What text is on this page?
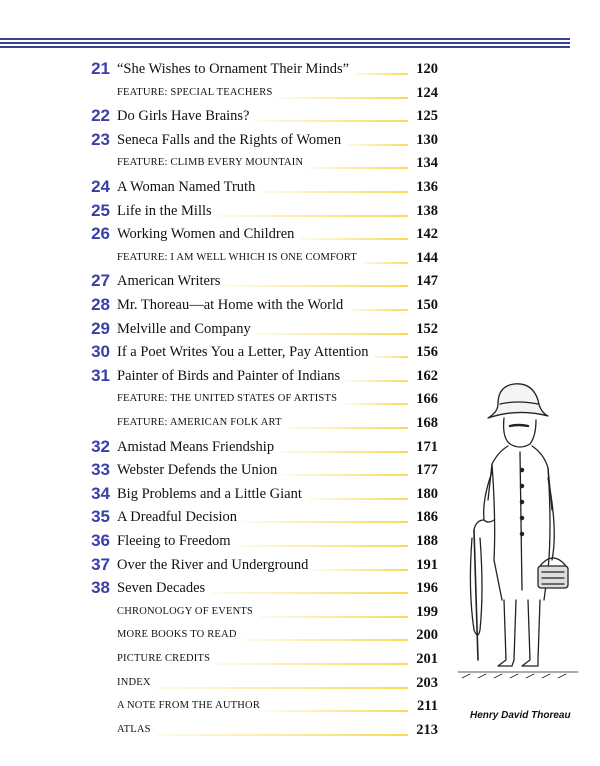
21 “She Wishes to Ornament Their Minds”	120
FEATURE: SPECIAL TEACHERS	124
22 Do Girls Have Brains?	125
23 Seneca Falls and the Rights of Women	130
FEATURE: CLIMB EVERY MOUNTAIN	134
24 A Woman Named Truth	136
25 Life in the Mills	138
26 Working Women and Children	142
FEATURE: I AM WELL WHICH IS ONE COMFORT	144
27 American Writers	147
28 Mr. Thoreau—at Home with the World	150
29 Melville and Company	152
30 If a Poet Writes You a Letter, Pay Attention	156
31 Painter of Birds and Painter of Indians	162
FEATURE: THE UNITED STATES OF ARTISTS	166
FEATURE: AMERICAN FOLK ART	168
32 Amistad Means Friendship	171
33 Webster Defends the Union	177
34 Big Problems and a Little Giant	180
35 A Dreadful Decision	186
36 Fleeing to Freedom	188
37 Over the River and Underground	191
38 Seven Decades	196
CHRONOLOGY OF EVENTS	199
MORE BOOKS TO READ	200
PICTURE CREDITS	201
INDEX	203
A NOTE FROM THE AUTHOR	211
ATLAS	213
Henry David Thoreau
